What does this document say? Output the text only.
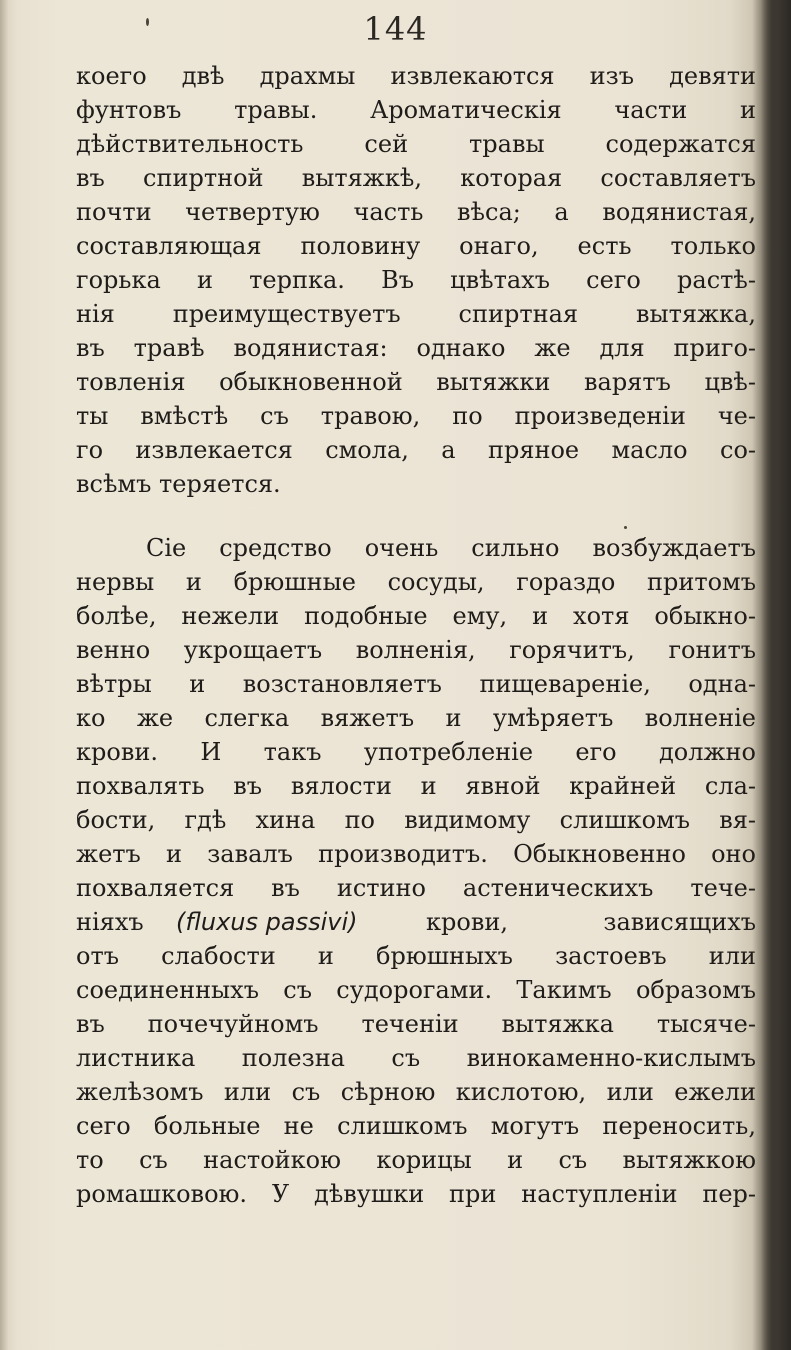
144
коего двѣ драхмы извлекаются изъ девяти
фунтовъ травы. Ароматическія части и
дѣйствительность сей травы содержатся
въ спиртной вытяжкѣ, которая составляетъ
почти четвертую часть вѣса; а водянистая,
составляющая половину онаго, есть только
горька и терпка. Въ цвѣтахъ сего растѣ-
нія преимуществуетъ спиртная вытяжка,
въ травѣ водянистая: однако же для приго-
товленія обыкновенной вытяжки варятъ цвѣ-
ты вмѣстѣ съ травою, по произведеніи че-
го извлекается смола, а пряное масло со-
всѣмъ теряется.
Сіе средство очень сильно возбуждаетъ
нервы и брюшные сосуды, гораздо притомъ
болѣе, нежели подобные ему, и хотя обыкно-
венно укрощаетъ волненія, горячитъ, гонитъ
вѣтры и возстановляетъ пищевареніе, одна-
ко же слегка вяжетъ и умѣряетъ волненіе
крови. И такъ употребленіе его должно
похвалять въ вялости и явной крайней сла-
бости, гдѣ хина по видимому слишкомъ вя-
жетъ и завалъ производитъ. Обыкновенно оно
похваляется въ истино астеническихъ тече-
ніяхъ (fluxus passivi)	крови, зависящихъ
отъ слабости и брюшныхъ застоевъ или
соединенныхъ съ судорогами. Такимъ образомъ
въ почечуйномъ теченіи вытяжка тысяче-
листника полезна съ винокаменно-кислымъ
желѣзомъ или съ сѣрною кислотою, или ежели
сего больные не слишкомъ могутъ переносить,
то съ настойкою корицы и съ вытяжкою
ромашковою. У дѣвушки при наступленіи пер-
